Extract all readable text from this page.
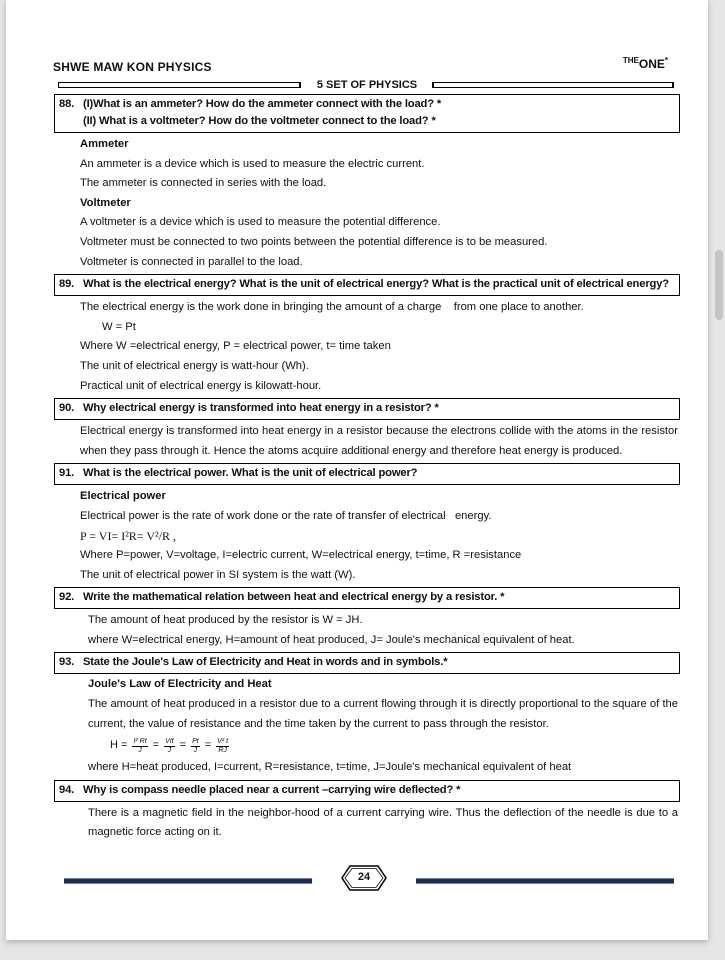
SHWE MAW KON PHYSICS	$^{THE}$ONE*
5 SET OF PHYSICS
88. (I)What is an ammeter? How do the ammeter connect with the load? *
(II) What is a voltmeter? How do the voltmeter connect to the load? *
Ammeter
An ammeter is a device which is used to measure the electric current.
The ammeter is connected in series with the load.
Voltmeter
A voltmeter is a device which is used to measure the potential difference.
Voltmeter must be connected to two points between the potential difference is to be measured.
Voltmeter is connected in parallel to the load.
89. What is the electrical energy? What is the unit of electrical energy? What is the practical unit of electrical energy?
The electrical energy is the work done in bringing the amount of a charge    from one place to another.
W = Pt
Where W =electrical energy, P = electrical power, t= time taken
The unit of electrical energy is watt-hour (Wh).
Practical unit of electrical energy is kilowatt-hour.
90. Why electrical energy is transformed into heat energy in a resistor? *
Electrical energy is transformed into heat energy in a resistor because the electrons collide with the atoms in the resistor when they pass through it. Hence the atoms acquire additional energy and therefore heat energy is produced.
91. What is the electrical power. What is the unit of electrical power?
Electrical power
Electrical power is the rate of work done or the rate of transfer of electrical   energy.
P = VI= I²R= V²/R ,
Where P=power, V=voltage, I=electric current, W=electrical energy, t=time, R =resistance
The unit of electrical power in SI system is the watt (W).
92. Write the mathematical relation between heat and electrical energy by a resistor. *
The amount of heat produced by the resistor is W = JH.
where W=electrical energy, H=amount of heat produced, J= Joule's mechanical equivalent of heat.
93. State the Joule's Law of Electricity and Heat in words and in symbols.*
Joule's Law of Electricity and Heat
The amount of heat produced in a resistor due to a current flowing through it is directly proportional to the square of the current, the value of resistance and the time taken by the current to pass through the resistor.
$H = \frac{\text{I² Rt}}{J} = \frac{\text{VIt}}{J} = \frac{Pt}{J} = \frac{\text{V² t}}{RJ}$
where H=heat produced, I=current, R=resistance, t=time, J=Joule's mechanical equivalent of heat
94. Why is compass needle placed near a current –carrying wire deflected? *
There is a magnetic field in the neighbor-hood of a current carrying wire. Thus the deflection of the needle is due to a magnetic force acting on it.
24
